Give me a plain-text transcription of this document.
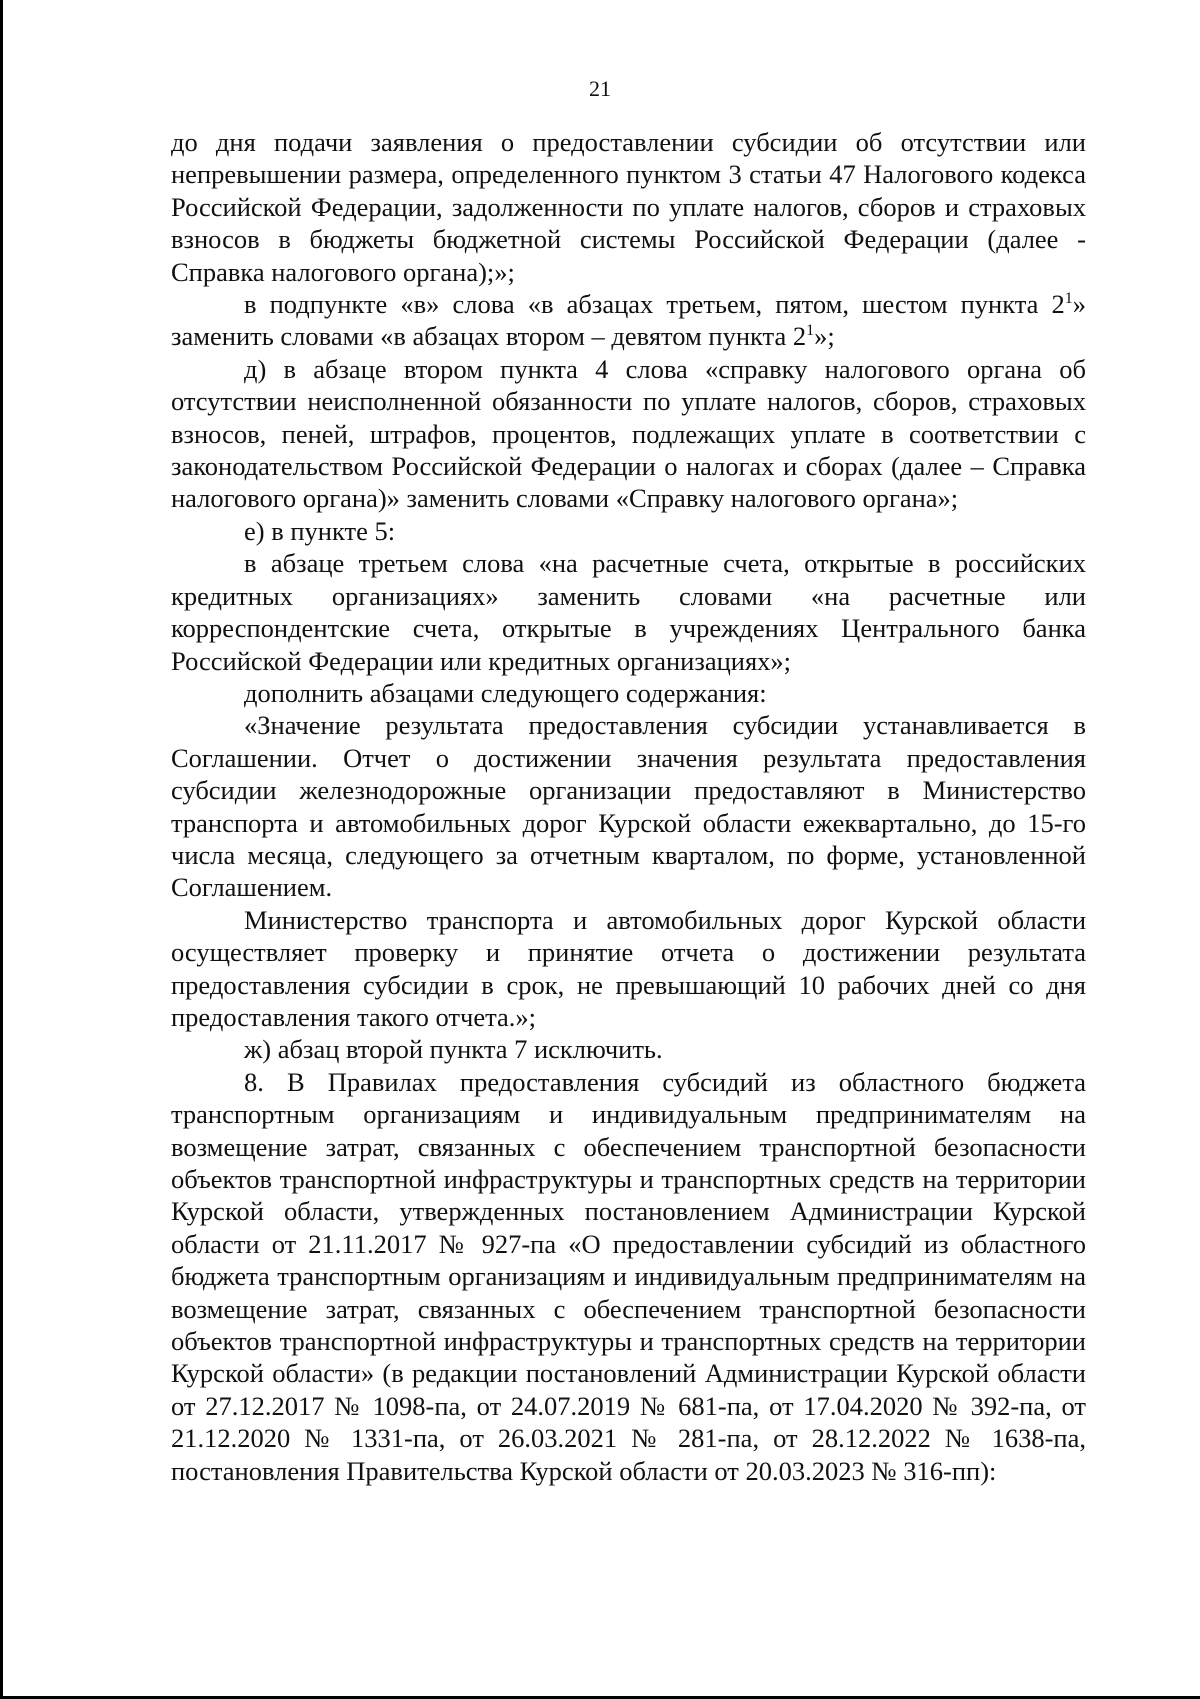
21

до дня подачи заявления о предоставлении субсидии об отсутствии или непревышении размера, определенного пунктом 3 статьи 47 Налогового кодекса Российской Федерации, задолженности по уплате налогов, сборов и страховых взносов в бюджеты бюджетной системы Российской Федерации (далее - Справка налогового органа);»;

в подпункте «в» слова «в абзацах третьем, пятом, шестом пункта $2^1$» заменить словами «в абзацах втором – девятом пункта $2^1$»;

д) в абзаце втором пункта 4 слова «справку налогового органа об отсутствии неисполненной обязанности по уплате налогов, сборов, страховых взносов, пеней, штрафов, процентов, подлежащих уплате в соответствии с законодательством Российской Федерации о налогах и сборах (далее – Справка налогового органа)» заменить словами «Справку налогового органа»;

е) в пункте 5:

в абзаце третьем слова «на расчетные счета, открытые в российских кредитных организациях» заменить словами «на расчетные или корреспондентские счета, открытые в учреждениях Центрального банка Российской Федерации или кредитных организациях»;

дополнить абзацами следующего содержания:

«Значение результата предоставления субсидии устанавливается в Соглашении. Отчет о достижении значения результата предоставления субсидии железнодорожные организации предоставляют в Министерство транспорта и автомобильных дорог Курской области ежеквартально, до 15-го числа месяца, следующего за отчетным кварталом, по форме, установленной Соглашением.

Министерство транспорта и автомобильных дорог Курской области осуществляет проверку и принятие отчета о достижении результата предоставления субсидии в срок, не превышающий 10 рабочих дней со дня предоставления такого отчета.»;

ж) абзац второй пункта 7 исключить.

8. В Правилах предоставления субсидий из областного бюджета транспортным организациям и индивидуальным предпринимателям на возмещение затрат, связанных с обеспечением транспортной безопасности объектов транспортной инфраструктуры и транспортных средств на территории Курской области, утвержденных постановлением Администрации Курской области от 21.11.2017 № 927-па «О предоставлении субсидий из областного бюджета транспортным организациям и индивидуальным предпринимателям на возмещение затрат, связанных с обеспечением транспортной безопасности объектов транспортной инфраструктуры и транспортных средств на территории Курской области» (в редакции постановлений Администрации Курской области от 27.12.2017 № 1098-па, от 24.07.2019 № 681-па, от 17.04.2020 № 392-па, от 21.12.2020 № 1331-па, от 26.03.2021 № 281-па, от 28.12.2022 № 1638-па, постановления Правительства Курской области от 20.03.2023 № 316-пп):
